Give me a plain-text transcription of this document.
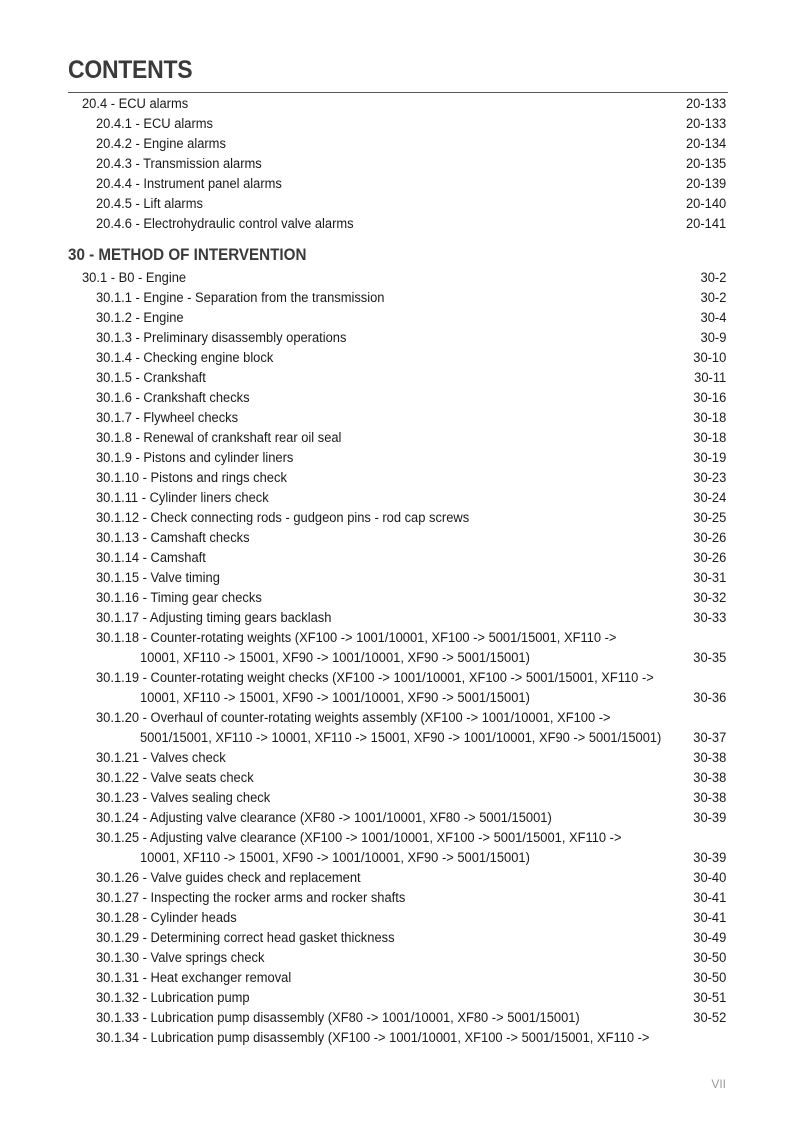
CONTENTS
20.4 - ECU alarms	20-133
20.4.1 - ECU alarms	20-133
20.4.2 - Engine alarms	20-134
20.4.3 - Transmission alarms	20-135
20.4.4 - Instrument panel alarms	20-139
20.4.5 - Lift alarms	20-140
20.4.6 - Electrohydraulic control valve alarms	20-141
30 - METHOD OF INTERVENTION
30.1 - B0 - Engine	30-2
30.1.1 - Engine - Separation from the transmission	30-2
30.1.2 - Engine	30-4
30.1.3 - Preliminary disassembly operations	30-9
30.1.4 - Checking engine block	30-10
30.1.5 - Crankshaft	30-11
30.1.6 - Crankshaft checks	30-16
30.1.7 - Flywheel checks	30-18
30.1.8 - Renewal of crankshaft rear oil seal	30-18
30.1.9 - Pistons and cylinder liners	30-19
30.1.10 - Pistons and rings check	30-23
30.1.11 - Cylinder liners check	30-24
30.1.12 - Check connecting rods - gudgeon pins - rod cap screws	30-25
30.1.13 - Camshaft checks	30-26
30.1.14 - Camshaft	30-26
30.1.15 - Valve timing	30-31
30.1.16 - Timing gear checks	30-32
30.1.17 - Adjusting timing gears backlash	30-33
30.1.18 - Counter-rotating weights (XF100 -> 1001/10001, XF100 -> 5001/15001, XF110 ->
10001, XF110 -> 15001, XF90 -> 1001/10001, XF90 -> 5001/15001)	30-35
30.1.19 - Counter-rotating weight checks (XF100 -> 1001/10001, XF100 -> 5001/15001, XF110 ->
10001, XF110 -> 15001, XF90 -> 1001/10001, XF90 -> 5001/15001)	30-36
30.1.20 - Overhaul of counter-rotating weights assembly (XF100 -> 1001/10001, XF100 ->
5001/15001, XF110 -> 10001, XF110 -> 15001, XF90 -> 1001/10001, XF90 -> 5001/15001) 30-37
30.1.21 - Valves check	30-38
30.1.22 - Valve seats check	30-38
30.1.23 - Valves sealing check	30-38
30.1.24 - Adjusting valve clearance (XF80 -> 1001/10001, XF80 -> 5001/15001)	30-39
30.1.25 - Adjusting valve clearance (XF100 -> 1001/10001, XF100 -> 5001/15001, XF110 ->
10001, XF110 -> 15001, XF90 -> 1001/10001, XF90 -> 5001/15001)	30-39
30.1.26 - Valve guides check and replacement	30-40
30.1.27 - Inspecting the rocker arms and rocker shafts	30-41
30.1.28 - Cylinder heads	30-41
30.1.29 - Determining correct head gasket thickness	30-49
30.1.30 - Valve springs check	30-50
30.1.31 - Heat exchanger removal	30-50
30.1.32 - Lubrication pump	30-51
30.1.33 - Lubrication pump disassembly (XF80 -> 1001/10001, XF80 -> 5001/15001)	30-52
30.1.34 - Lubrication pump disassembly (XF100 -> 1001/10001, XF100 -> 5001/15001, XF110 ->
VII
